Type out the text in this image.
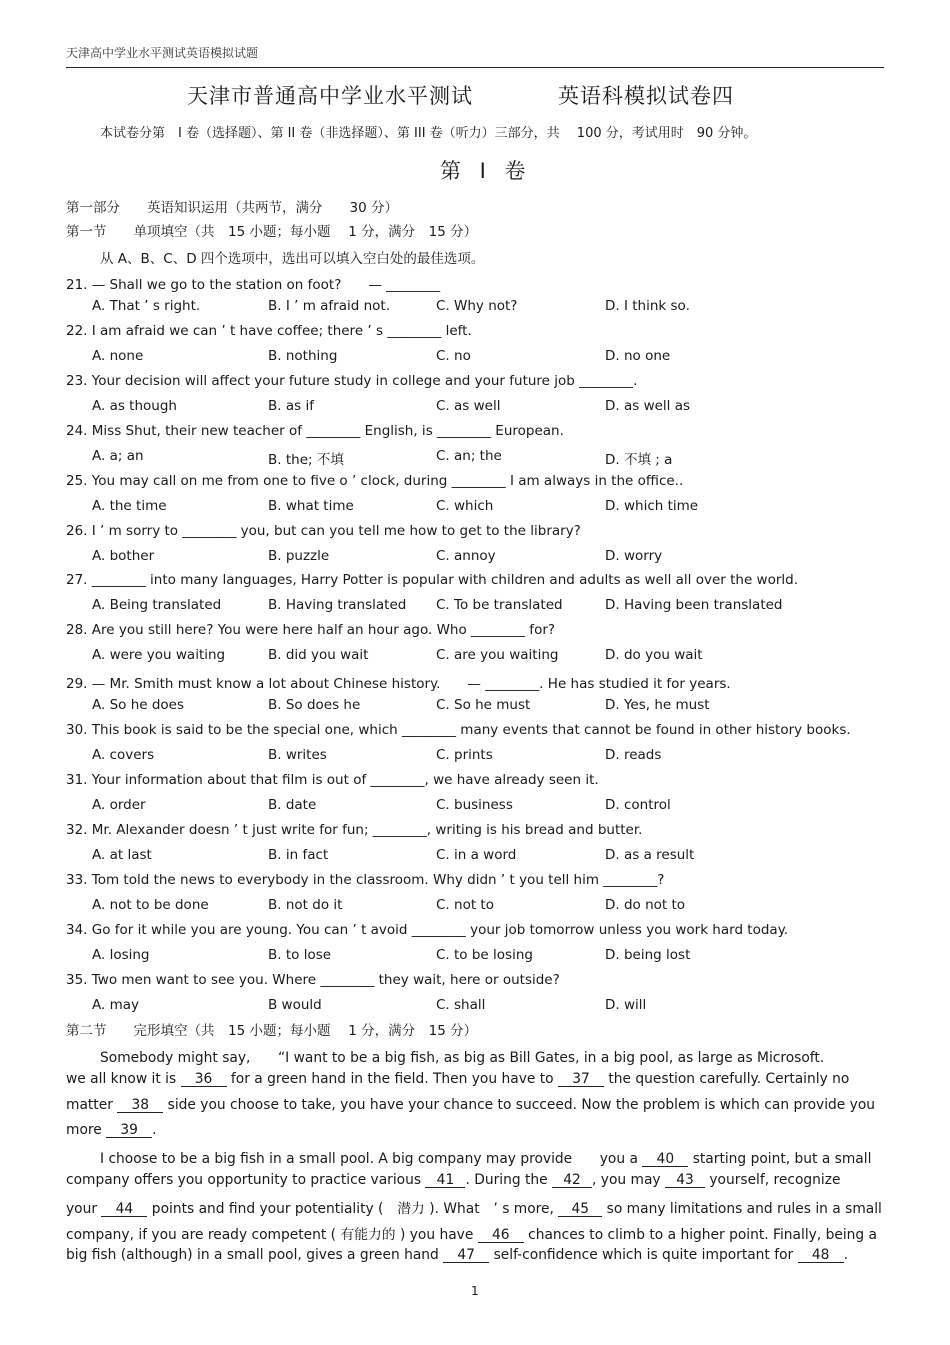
天津高中学业水平测试英语模拟试题
天津市普通高中学业水平测试	英语科模拟试卷四
本试卷分第　I 卷（选择题）、第 II 卷（非选择题）、第 III 卷（听力）三部分，共　 100 分，考试用时　90 分钟。
第 I 卷
第一部分　　英语知识运用（共两节，满分　　30 分）
第一节　　单项填空（共　15 小题；每小题　 1 分，满分　15 分）
从 A、B、C、D 四个选项中，选出可以填入空白处的最佳选项。
21. — Shall we go to the station on foot?　　— ________
A. That ’ s right.	B. I ’ m afraid not.	C. Why not?	D. I think so.
22. I am afraid we can ’ t have coffee; there ’ s ________ left.
A. none	B. nothing	C. no	D. no one
23. Your decision will affect your future study in college and your future job ________.
A. as though	B. as if	C. as well	D. as well as
24. Miss Shut, their new teacher of ________ English, is ________ European.
A. a; an	B. the; 不填	C. an; the	D. 不填 ; a
25. You may call on me from one to five o ’ clock, during ________ I am always in the office..
A. the time	B. what time	C. which	D. which time
26. I ’ m sorry to ________ you, but can you tell me how to get to the library?
A. bother	B. puzzle	C. annoy	D. worry
27. ________ into many languages, Harry Potter is popular with children and adults as well all over the world.
A. Being translated	B. Having translated C. To be translated	D. Having been translated
28. Are you still here? You were here half an hour ago. Who ________ for?
A. were you waiting	B. did you wait	C. are you waiting	D. do you wait
29. — Mr. Smith must know a lot about Chinese history.　　— ________. He has studied it for years.
A. So he does	B. So does he	C. So he must	D. Yes, he must
30. This book is said to be the special one, which ________ many events that cannot be found in other history books.
A. covers	B. writes	C. prints	D. reads
31. Your information about that film is out of ________, we have already seen it.
A. order	B. date	C. business	D. control
32. Mr. Alexander doesn ’ t just write for fun; ________, writing is his bread and butter.
A. at last	B. in fact	C. in a word	D. as a result
33. Tom told the news to everybody in the classroom. Why didn ’ t you tell him ________?
A. not to be done	B. not do it	C. not to	D. do not to
34. Go for it while you are young. You can ’ t avoid ________ your job tomorrow unless you work hard today.
A. losing	B. to lose	C. to be losing	D. being lost
35. Two men want to see you. Where ________ they wait, here or outside?
A. may	B would	C. shall	D. will
第二节　　完形填空（共　15 小题；每小题　 1 分，满分　15 分）
Somebody might say,　　“I want to be a big fish, as big as Bill Gates, in a big pool, as large as Microsoft.
we all know it is 36 for a green hand in the field. Then you have to 37 the question carefully. Certainly no
matter 38 side you choose to take, you have your chance to succeed. Now the problem is which can provide you
more 39 .
I choose to be a big fish in a small pool. A big company may provide　　you a 40 starting point, but a small
company offers you opportunity to practice various 41 . During the 42 , you may 43 yourself, recognize
your 44 points and find your potentiality (　潜力 ). What　’ s more, 45 so many limitations and rules in a small
company, if you are ready competent ( 有能力的 ) you have 46 chances to climb to a higher point. Finally, being a
big fish (although) in a small pool, gives a green hand 47 self-confidence which is quite important for 48 .
1
